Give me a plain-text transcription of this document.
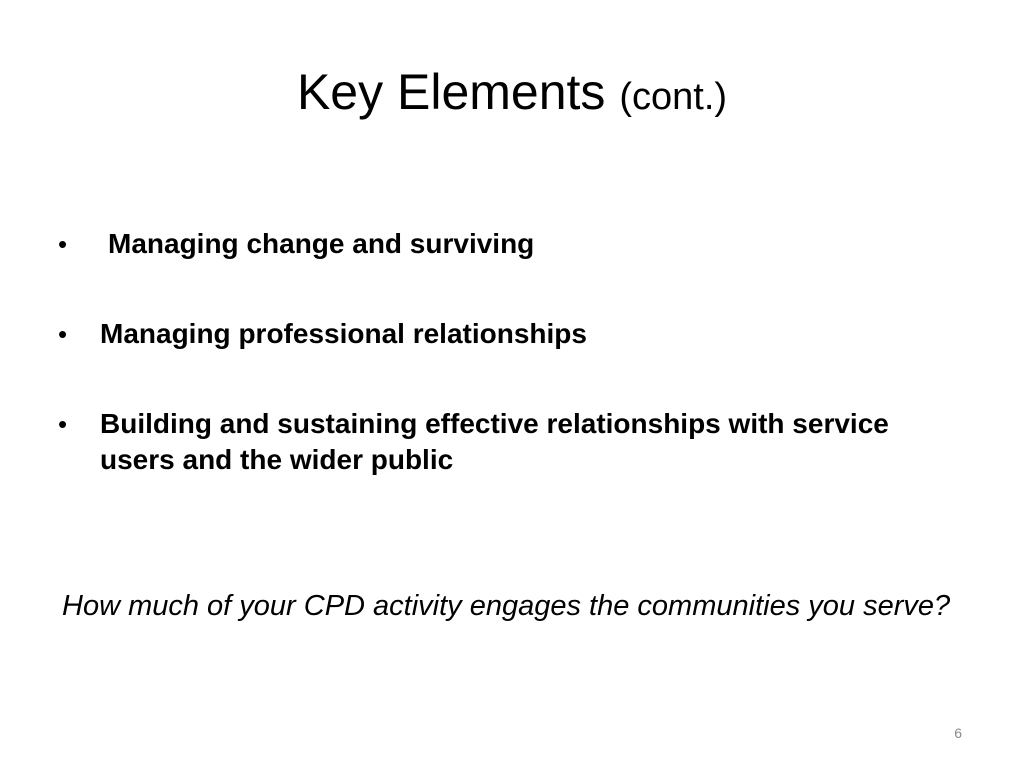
Key Elements (cont.)
• Managing change and surviving
• Managing professional relationships
• Building and sustaining effective relationships with service users and the wider public

How much of your CPD activity engages the communities you serve?

6
